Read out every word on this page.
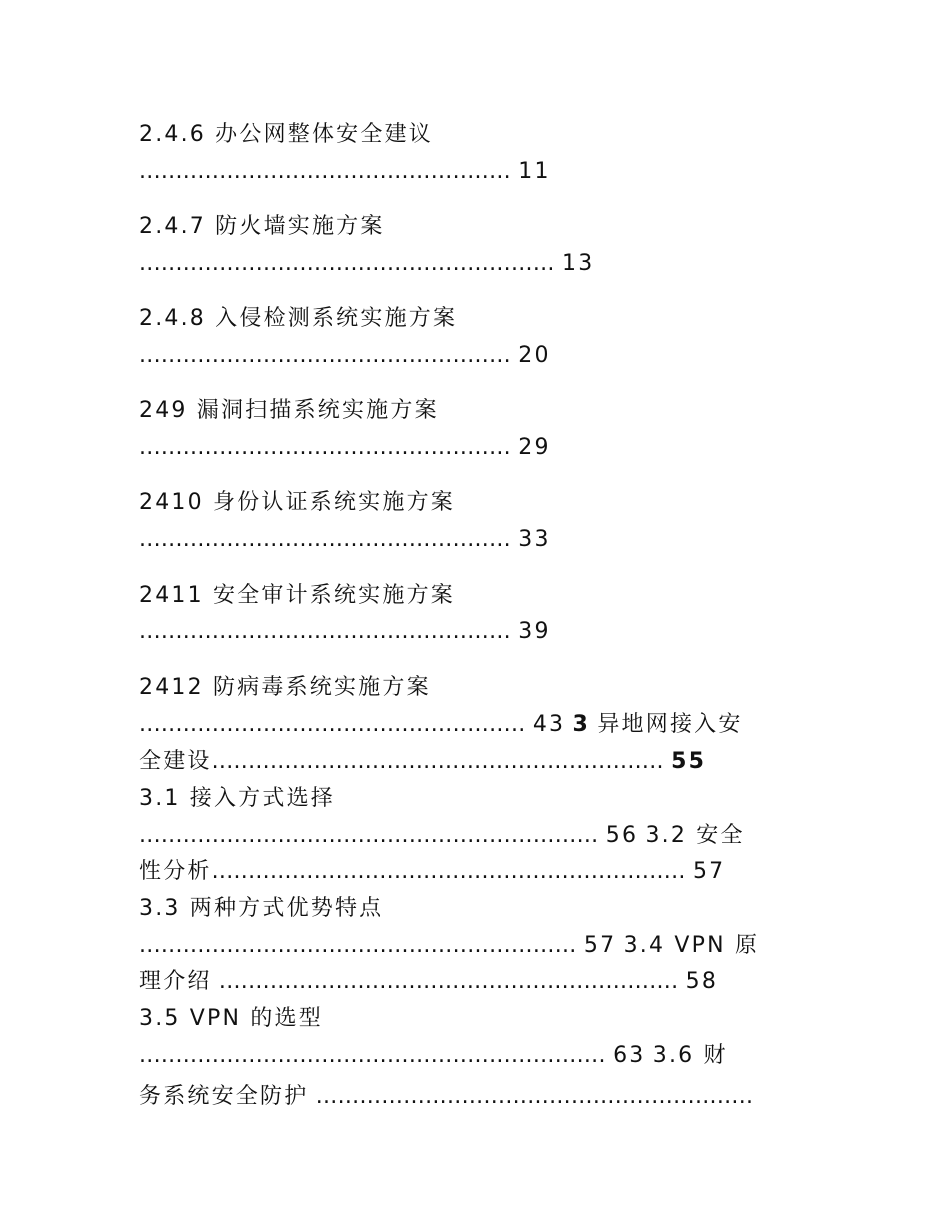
2.4.6 办公网整体安全建议
................................................... 11
2.4.7 防火墙实施方案
......................................................... 13
2.4.8 入侵检测系统实施方案
................................................... 20
249 漏洞扫描系统实施方案
................................................... 29
2410 身份认证系统实施方案
................................................... 33
2411 安全审计系统实施方案
................................................... 39
2412 防病毒系统实施方案
..................................................... 43 3 异地网接入安
全建设.............................................................. 55
3.1 接入方式选择
............................................................... 56 3.2 安全
性分析................................................................. 57
3.3 两种方式优势特点
............................................................ 57 3.4 VPN 原
理介绍 ............................................................... 58
3.5 VPN 的选型
................................................................ 63 3.6 财
务系统安全防护 ............................................................
